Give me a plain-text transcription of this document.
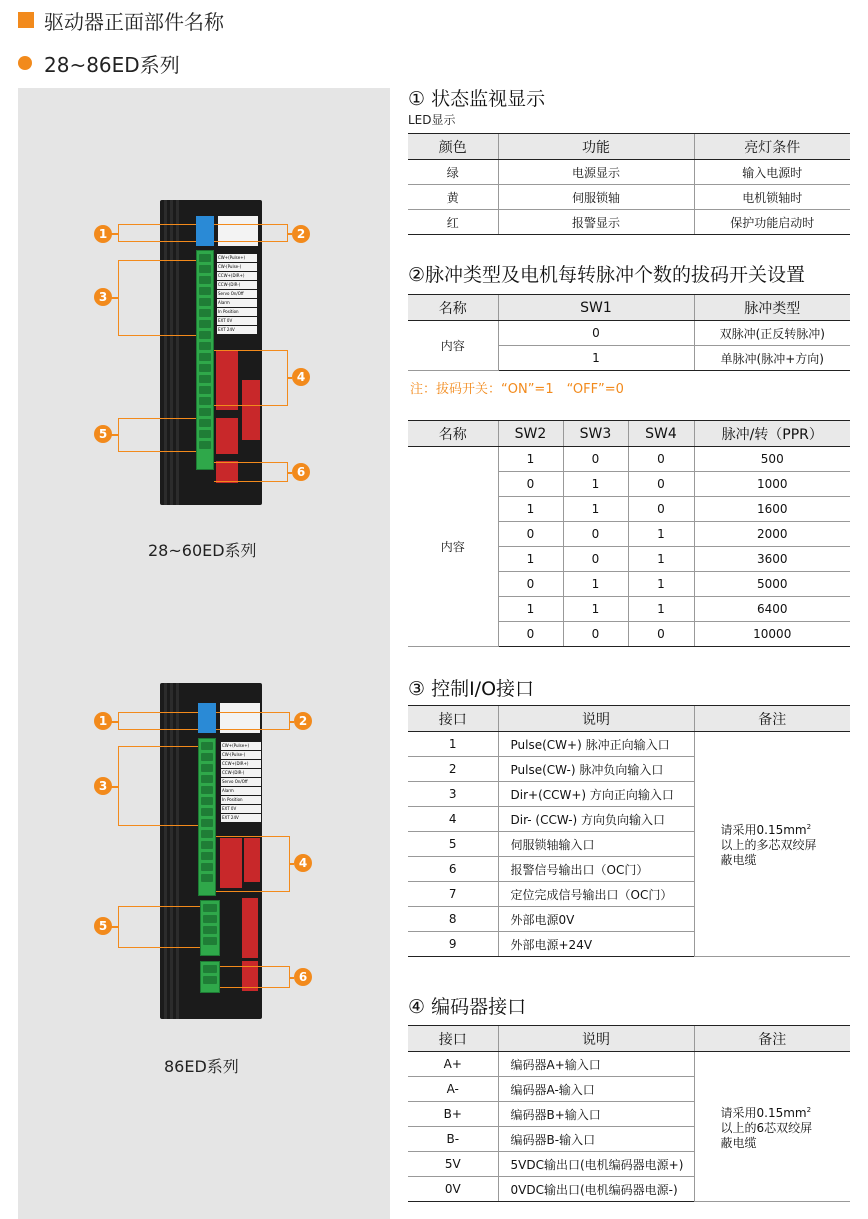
驱动器正面部件名称
28~86ED系列
CW+(Pulse+)
CW-(Pulse-)
CCW+(DIR+)
CCW-(DIR-)
Servo On/Off
Alarm
In Position
EXT 0V
EXT 24V
1	2
3
4
5
6
28~60ED系列
CW+(Pulse+)
CW-(Pulse-)
CCW+(DIR+)
CCW-(DIR-)
Servo On/Off
Alarm
In Position
EXT 0V
EXT 24V
1	2
3
4
5
6
86ED系列
① 状态监视显示
LED显示
颜色	功能	亮灯条件
绿	电源显示	输入电源时
黄	伺服锁轴	电机锁轴时
红	报警显示	保护功能启动时
②脉冲类型及电机每转脉冲个数的拔码开关设置
名称	SW1	脉冲类型
内容	0	双脉冲(正反转脉冲)
	1	单脉冲(脉冲+方向)
注：拔码开关：“ON”=1　“OFF”=0
名称	SW2	SW3	SW4	脉冲/转（PPR）
内容	1	0	0	500
	0	1	0	1000
	1	1	0	1600
	0	0	1	2000
	1	0	1	3600
	0	1	1	5000
	1	1	1	6400
	0	0	0	10000
③ 控制I/O接口
接口	说明	备注
1	Pulse(CW+) 脉冲正向输入口	请采用$0.15mm^2$
以上的多芯双绞屏
蔽电缆
2	Pulse(CW-) 脉冲负向输入口	
3	Dir+(CCW+) 方向正向输入口	
4	Dir- (CCW-) 方向负向输入口	
5	伺服锁轴输入口	
6	报警信号输出口（OC门）	
7	定位完成信号输出口（OC门）	
8	外部电源0V	
9	外部电源+24V	
④ 编码器接口
接口	说明	备注
A+	编码器A+输入口	请采用$0.15mm^2$
以上的6芯双绞屏
蔽电缆
A-	编码器A-输入口	
B+	编码器B+输入口	
B-	编码器B-输入口	
5V	5VDC输出口(电机编码器电源+)	
0V	0VDC输出口(电机编码器电源-)	
